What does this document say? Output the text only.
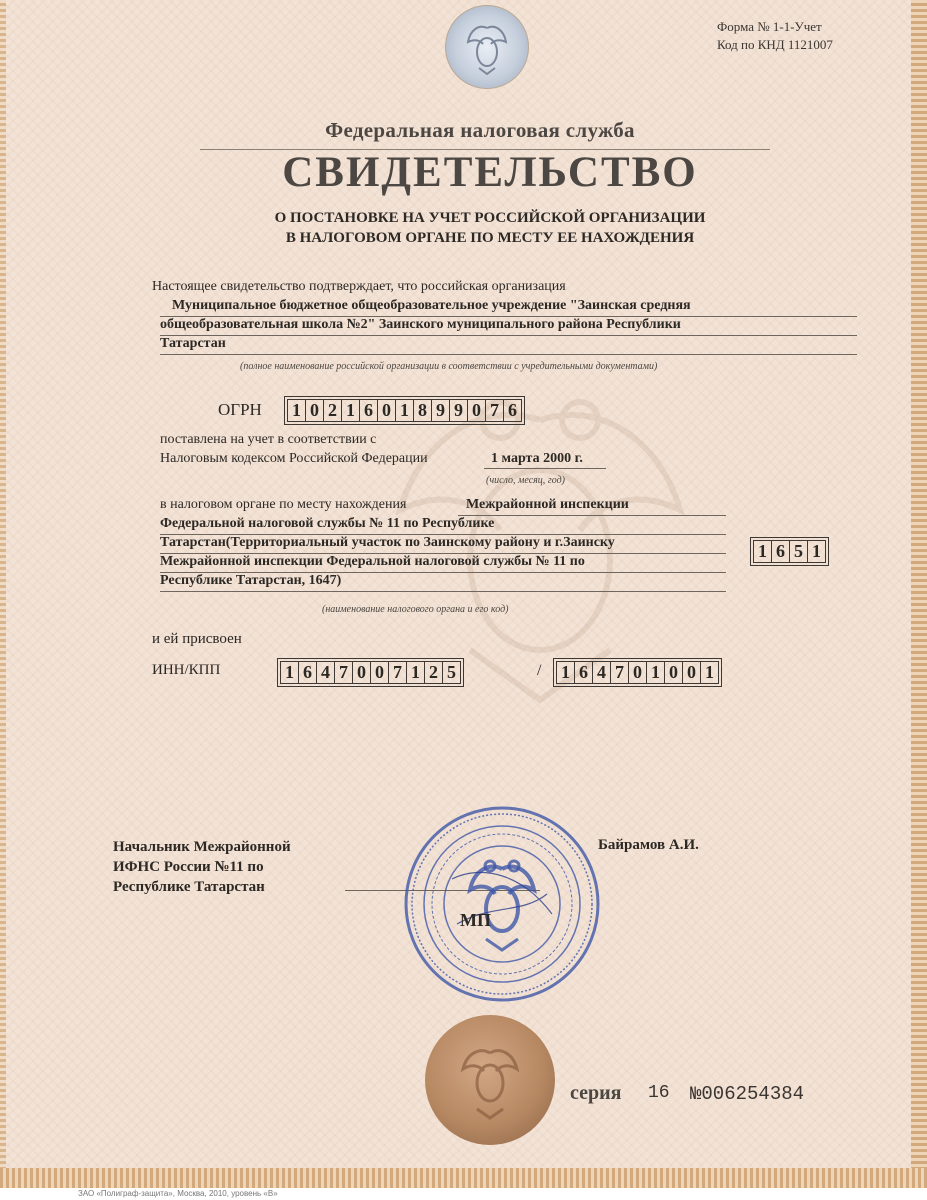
Форма № 1-1-Учет
Код по КНД 1121007
Федеральная налоговая служба
СВИДЕТЕЛЬСТВО
О ПОСТАНОВКЕ НА УЧЕТ РОССИЙСКОЙ ОРГАНИЗАЦИИ
В НАЛОГОВОМ ОРГАНЕ ПО МЕСТУ ЕЕ НАХОЖДЕНИЯ
Настоящее свидетельство подтверждает, что российская организация
Муниципальное бюджетное общеобразовательное учреждение "Заинская средняя
общеобразовательная школа №2" Заинского муниципального района Республики
Татарстан
(полное наименование российской организации в соответствии с учредительными документами)
ОГРН 1 0 2 1 6 0 1 8 9 9 0 7 6
поставлена на учет в соответствии с
Налоговым кодексом Российской Федерации	1 марта 2000 г.
(число, месяц, год)
в налоговом органе по месту нахождения	Межрайонной инспекции
Федеральной налоговой службы № 11 по Республике
Татарстан(Территориальный участок по Заинскому району и г.Заинску
Межрайонной инспекции Федеральной налоговой службы № 11 по
Республике Татарстан, 1647)
1 6 5 1
(наименование налогового органа и его код)
и ей присвоен
ИНН/КПП	1 6 4 7 0 0 7 1 2 5	/ 1 6 4 7 0 1 0 0 1
Начальник Межрайонной
ИФНС России №11 по
Республике Татарстан
Байрамов А.И.
МП
серия 16 №006254384
ЗАО «Полиграф-защита», Москва, 2010, уровень «В»
